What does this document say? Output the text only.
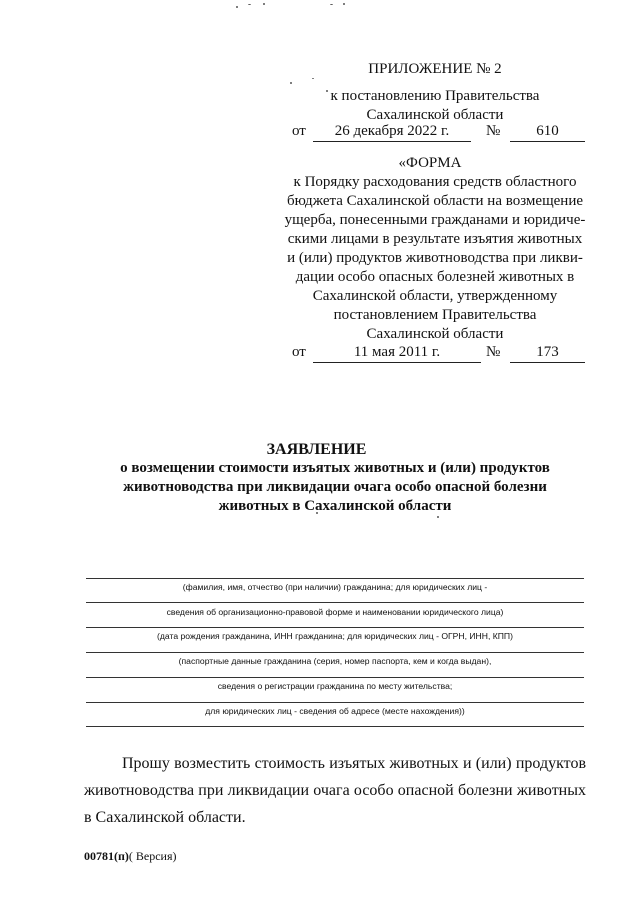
ПРИЛОЖЕНИЕ № 2
к постановлению Правительства
Сахалинской области
от	26 декабря 2022 г.	№	610
«ФОРМА
к Порядку расходования средств областного
бюджета Сахалинской области на возмещение
ущерба, понесенными гражданами и юридиче-
скими лицами в результате изъятия животных
и (или) продуктов животноводства при ликви-
дации особо опасных болезней животных в
Сахалинской области, утвержденному
постановлением Правительства
Сахалинской области
от	11 мая 2011 г.	№	173
ЗАЯВЛЕНИЕ
о возмещении стоимости изъятых животных и (или) продуктов
животноводства при ликвидации очага особо опасной болезни
животных в Сахалинской области
(фамилия, имя, отчество (при наличии) гражданина; для юридических лиц -
сведения об организационно-правовой форме и наименовании юридического лица)
(дата рождения гражданина, ИНН гражданина; для юридических лиц - ОГРН, ИНН, КПП)
(паспортные данные гражданина (серия, номер паспорта, кем и когда выдан),
сведения о регистрации гражданина по месту жительства;
для юридических лиц - сведения об адресе (месте нахождения))
Прошу возместить стоимость изъятых животных и (или) продуктов животноводства при ликвидации очага особо опасной болезни животных в Сахалинской области.
00781(п)( Версия)
